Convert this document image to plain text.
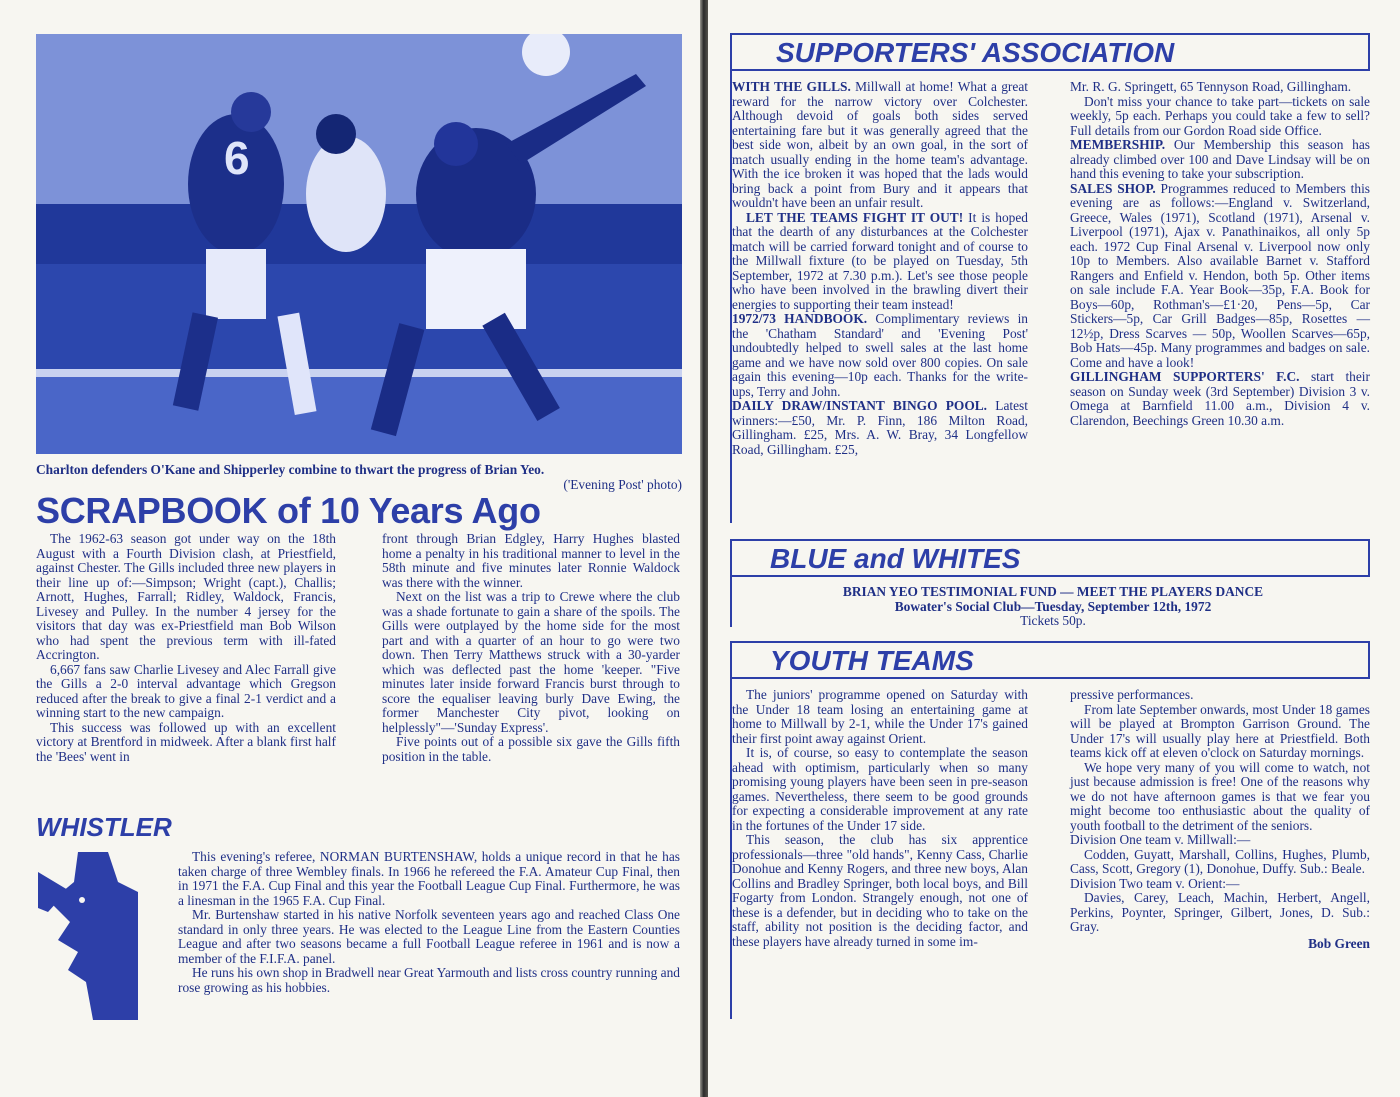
6
Charlton defenders O'Kane and Shipperley combine to thwart the progress of Brian Yeo.
('Evening Post' photo)
SCRAPBOOK of 10 Years Ago

The 1962-63 season got under way on the 18th August with a Fourth Division clash, at Priestfield, against Chester. The Gills included three new players in their line up of:—Simpson; Wright (capt.), Challis; Arnott, Hughes, Farrall; Ridley, Waldock, Francis, Livesey and Pulley. In the number 4 jersey for the visitors that day was ex-Priestfield man Bob Wilson who had spent the previous term with ill-fated Accrington.

6,667 fans saw Charlie Livesey and Alec Farrall give the Gills a 2-0 interval advantage which Gregson reduced after the break to give a final 2-1 verdict and a winning start to the new campaign.

This success was followed up with an excellent victory at Brentford in midweek. After a blank first half the 'Bees' went in

front through Brian Edgley, Harry Hughes blasted home a penalty in his traditional manner to level in the 58th minute and five minutes later Ronnie Waldock was there with the winner.

Next on the list was a trip to Crewe where the club was a shade fortunate to gain a share of the spoils. The Gills were outplayed by the home side for the most part and with a quarter of an hour to go were two down. Then Terry Matthews struck with a 30-yarder which was deflected past the home 'keeper. "Five minutes later inside forward Francis burst through to score the equaliser leaving burly Dave Ewing, the former Manchester City pivot, looking on helplessly"—'Sunday Express'.

Five points out of a possible six gave the Gills fifth position in the table.

WHISTLER

This evening's referee, NORMAN BURTENSHAW, holds a unique record in that he has taken charge of three Wembley finals. In 1966 he refereed the F.A. Amateur Cup Final, then in 1971 the F.A. Cup Final and this year the Football League Cup Final. Furthermore, he was a linesman in the 1965 F.A. Cup Final.

Mr. Burtenshaw started in his native Norfolk seventeen years ago and reached Class One standard in only three years. He was elected to the League Line from the Eastern Counties League and after two seasons became a full Football League referee in 1961 and is now a member of the F.I.F.A. panel.

He runs his own shop in Bradwell near Great Yarmouth and lists cross country running and rose growing as his hobbies.

SUPPORTERS' ASSOCIATION

WITH THE GILLS. Millwall at home! What a great reward for the narrow victory over Colchester. Although devoid of goals both sides served entertaining fare but it was generally agreed that the best side won, albeit by an own goal, in the sort of match usually ending in the home team's advantage. With the ice broken it was hoped that the lads would bring back a point from Bury and it appears that wouldn't have been an unfair result.

LET THE TEAMS FIGHT IT OUT! It is hoped that the dearth of any disturbances at the Colchester match will be carried forward tonight and of course to the Millwall fixture (to be played on Tuesday, 5th September, 1972 at 7.30 p.m.). Let's see those people who have been involved in the brawling divert their energies to supporting their team instead!

1972/73 HANDBOOK. Complimentary reviews in the 'Chatham Standard' and 'Evening Post' undoubtedly helped to swell sales at the last home game and we have now sold over 800 copies. On sale again this evening—10p each. Thanks for the write-ups, Terry and John.

DAILY DRAW/INSTANT BINGO POOL. Latest winners:—£50, Mr. P. Finn, 186 Milton Road, Gillingham. £25, Mrs. A. W. Bray, 34 Longfellow Road, Gillingham. £25,

Mr. R. G. Springett, 65 Tennyson Road, Gillingham.

Don't miss your chance to take part—tickets on sale weekly, 5p each. Perhaps you could take a few to sell? Full details from our Gordon Road side Office.

MEMBERSHIP. Our Membership this season has already climbed over 100 and Dave Lindsay will be on hand this evening to take your subscription.

SALES SHOP. Programmes reduced to Members this evening are as follows:—England v. Switzerland, Greece, Wales (1971), Scotland (1971), Arsenal v. Liverpool (1971), Ajax v. Panathinaikos, all only 5p each. 1972 Cup Final Arsenal v. Liverpool now only 10p to Members. Also available Barnet v. Stafford Rangers and Enfield v. Hendon, both 5p. Other items on sale include F.A. Year Book—35p, F.A. Book for Boys—60p, Rothman's—£1·20, Pens—5p, Car Stickers—5p, Car Grill Badges—85p, Rosettes — 12½p, Dress Scarves — 50p, Woollen Scarves—65p, Bob Hats—45p. Many programmes and badges on sale. Come and have a look!

GILLINGHAM SUPPORTERS' F.C. start their season on Sunday week (3rd September) Division 3 v. Omega at Barnfield 11.00 a.m., Division 4 v. Clarendon, Beechings Green 10.30 a.m.

BLUE and WHITES
BRIAN YEO TESTIMONIAL FUND — MEET THE PLAYERS DANCE
Bowater's Social Club—Tuesday, September 12th, 1972
Tickets 50p.
YOUTH TEAMS

The juniors' programme opened on Saturday with the Under 18 team losing an entertaining game at home to Millwall by 2-1, while the Under 17's gained their first point away against Orient.

It is, of course, so easy to contemplate the season ahead with optimism, particularly when so many promising young players have been seen in pre-season games. Nevertheless, there seem to be good grounds for expecting a considerable improvement at any rate in the fortunes of the Under 17 side.

This season, the club has six apprentice professionals—three "old hands", Kenny Cass, Charlie Donohue and Kenny Rogers, and three new boys, Alan Collins and Bradley Springer, both local boys, and Bill Fogarty from London. Strangely enough, not one of these is a defender, but in deciding who to take on the staff, ability not position is the deciding factor, and these players have already turned in some im-

pressive performances.

From late September onwards, most Under 18 games will be played at Brompton Garrison Ground. The Under 17's will usually play here at Priestfield. Both teams kick off at eleven o'clock on Saturday mornings.

We hope very many of you will come to watch, not just because admission is free! One of the reasons why we do not have afternoon games is that we fear you might become too enthusiastic about the quality of youth football to the detriment of the seniors.

Division One team v. Millwall:—

Codden, Guyatt, Marshall, Collins, Hughes, Plumb, Cass, Scott, Gregory (1), Donohue, Duffy. Sub.: Beale.

Division Two team v. Orient:—

Davies, Carey, Leach, Machin, Herbert, Angell, Perkins, Poynter, Springer, Gilbert, Jones, D. Sub.: Gray.

Bob Green
